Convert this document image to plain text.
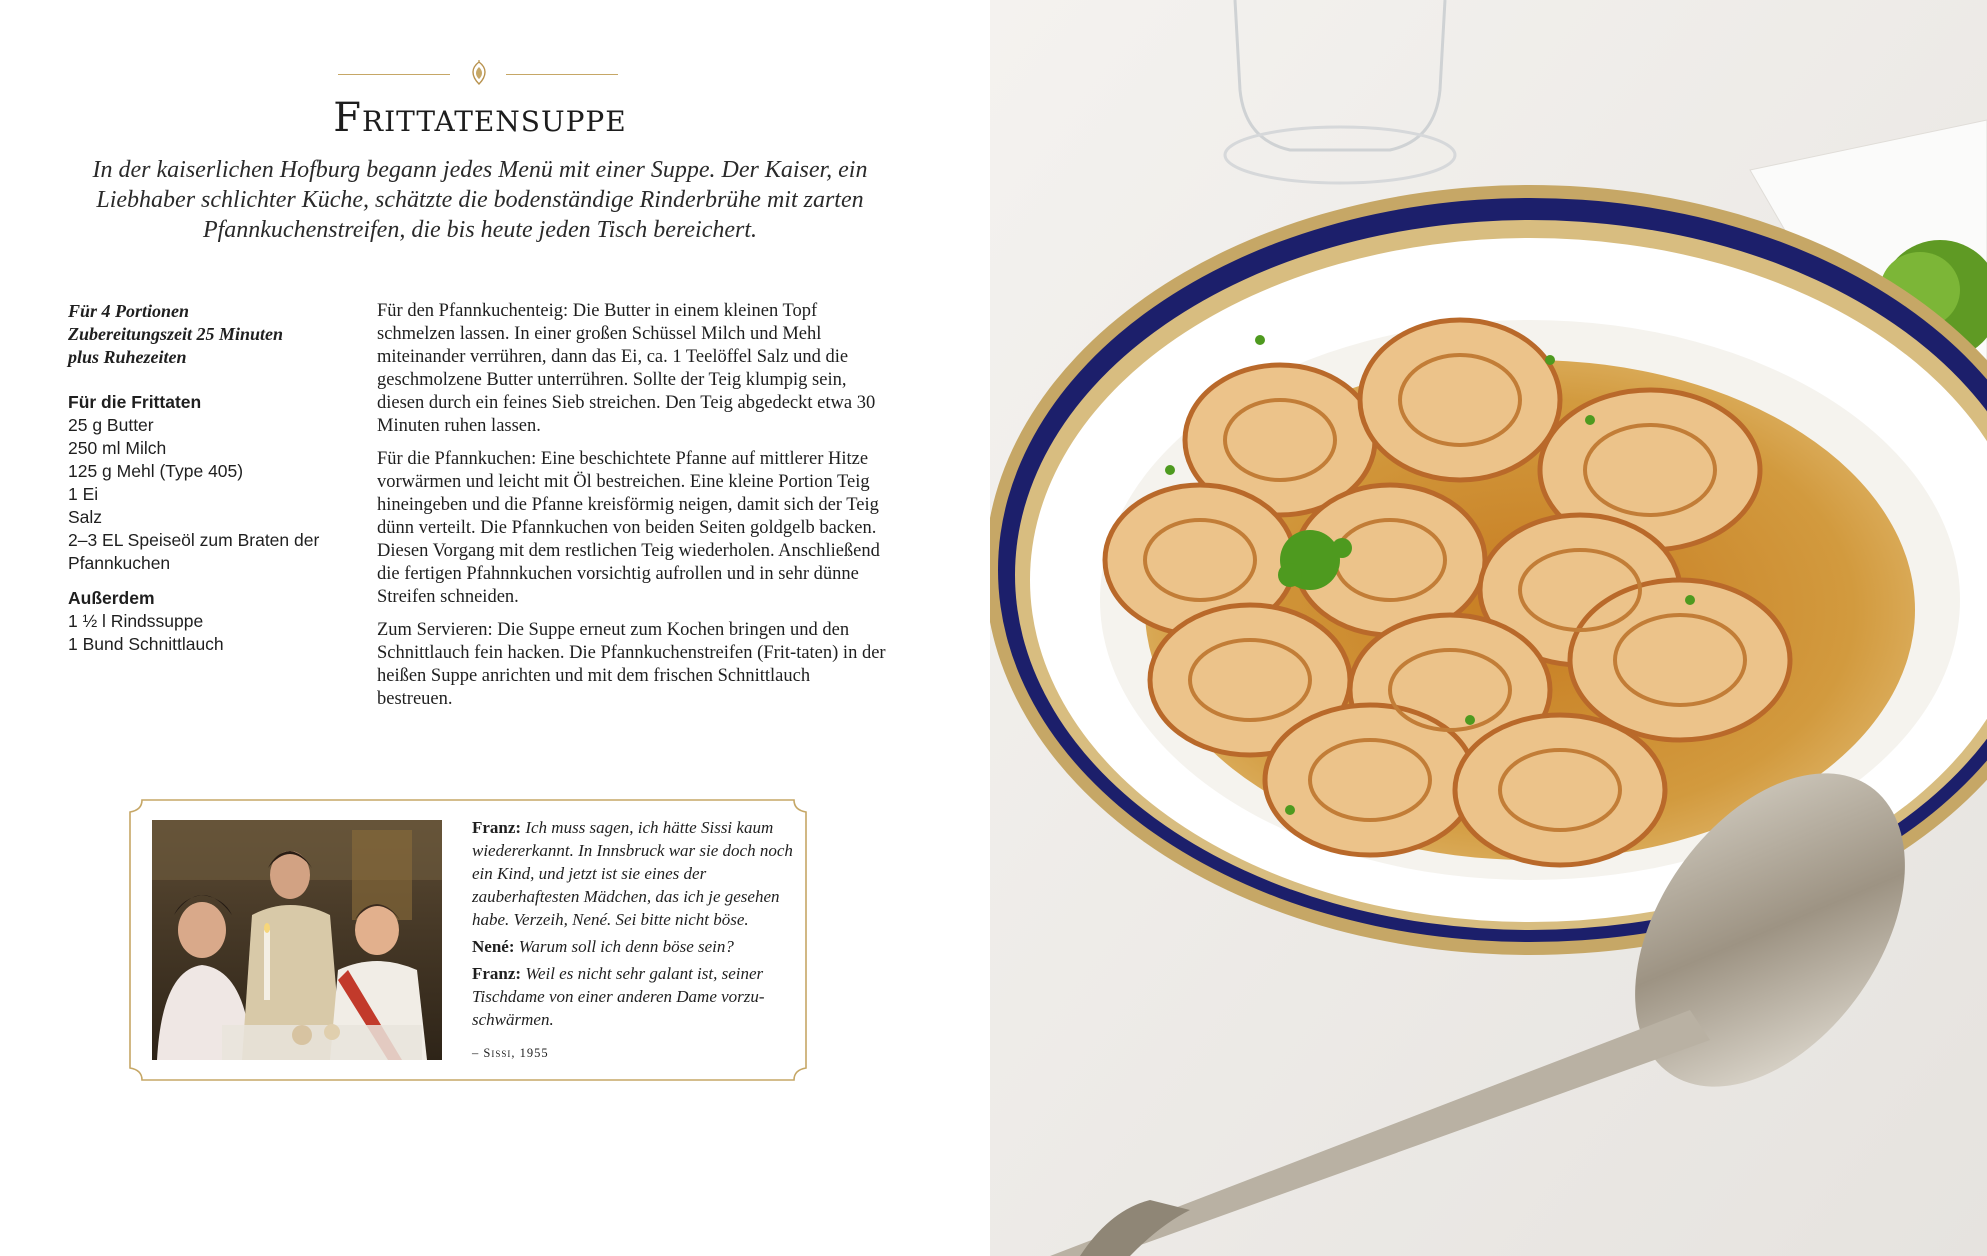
Frittatensuppe
In der kaiserlichen Hofburg begann jedes Menü mit einer Suppe. Der Kaiser, ein Liebhaber schlichter Küche, schätzte die bodenständige Rinderbrühe mit zarten Pfannkuchenstreifen, die bis heute jeden Tisch bereichert.
Für 4 Portionen
Zubereitungszeit 25 Minuten
plus Ruhezeiten
Für die Frittaten
25 g Butter
250 ml Milch
125 g Mehl (Type 405)
1 Ei
Salz
2–3 EL Speiseöl zum Braten der Pfannkuchen
Außerdem
1 ½ l Rindssuppe
1 Bund Schnittlauch

Für den Pfannkuchenteig: Die Butter in einem kleinen Topf schmelzen lassen. In einer großen Schüssel Milch und Mehl miteinander verrühren, dann das Ei, ca. 1 Teelöffel Salz und die geschmolzene Butter unterrühren. Sollte der Teig klumpig sein, diesen durch ein feines Sieb streichen. Den Teig abgedeckt etwa 30 Minuten ruhen lassen.

Für die Pfannkuchen: Eine beschichtete Pfanne auf mittlerer Hitze vorwärmen und leicht mit Öl bestreichen. Eine kleine Portion Teig hineingeben und die Pfanne kreisförmig neigen, damit sich der Teig dünn verteilt. Die Pfannkuchen von beiden Seiten goldgelb backen. Diesen Vorgang mit dem restlichen Teig wiederholen. Anschließend die fertigen Pfahnnkuchen vorsichtig aufrollen und in sehr dünne Streifen schneiden.

Zum Servieren: Die Suppe erneut zum Kochen bringen und den Schnittlauch fein hacken. Die Pfannkuchenstreifen (Frit-taten) in der heißen Suppe anrichten und mit dem frischen Schnittlauch bestreuen.

Franz: Ich muss sagen, ich hätte Sissi kaum wiedererkannt. In Innsbruck war sie doch noch ein Kind, und jetzt ist sie eines der zauberhaftesten Mädchen, das ich je gesehen habe. Verzeih, Nené. Sei bitte nicht böse.
Nené: Warum soll ich denn böse sein?
Franz: Weil es nicht sehr galant ist, seiner Tischdame von einer anderen Dame vorzu-schwärmen.
– Sissi, 1955
